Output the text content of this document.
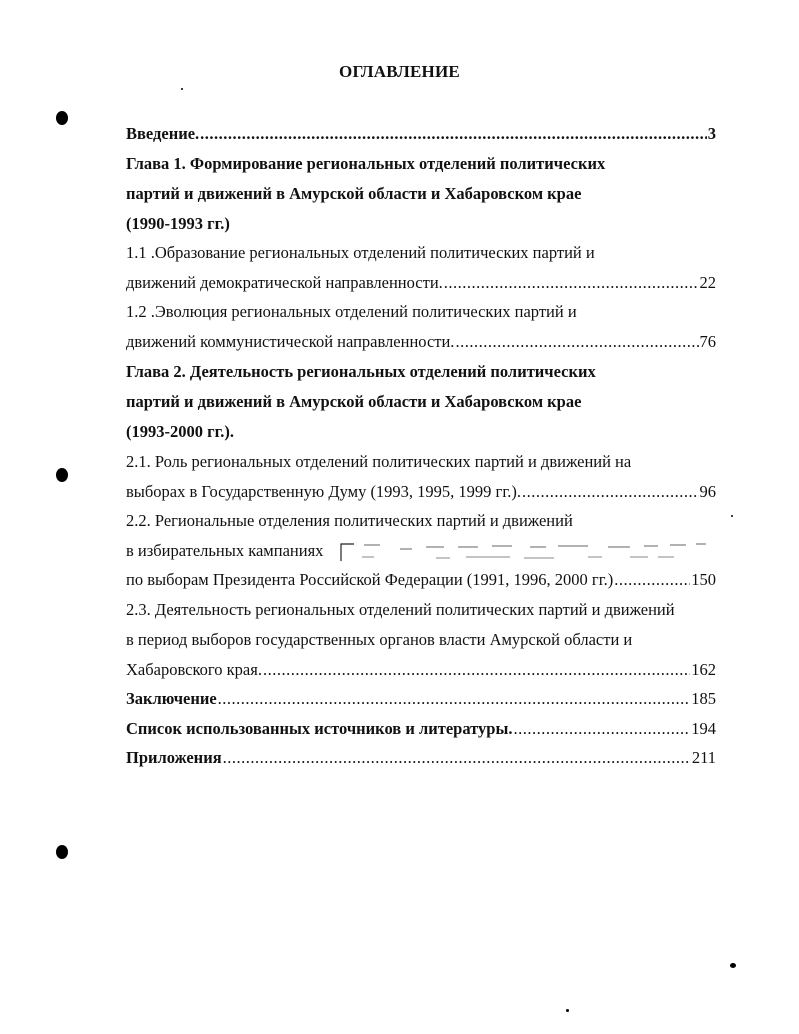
ОГЛАВЛЕНИЕ
Введение. .....	3
Глава 1. Формирование региональных отделений политических
партий и движений в Амурской области и Хабаровском крае
(1990-1993 гг.)
1.1 .Образование региональных отделений политических партий и
движений демократической направленности. .....	22
1.2 .Эволюция региональных отделений политических партий и
движений коммунистической направленности. .....	76
Глава 2. Деятельность региональных отделений политических
партий и движений в Амурской области и Хабаровском крае
(1993-2000 гг.).
2.1. Роль региональных отделений политических партий и движений на
выборах в Государственную Думу (1993, 1995, 1999 гг.). .....	96
2.2. Региональные отделения политических партий и движений
в избирательных кампаниях
по выборам Президента Российской Федерации (1991, 1996, 2000 гг.) .....	150
2.3. Деятельность региональных отделений политических партий и движений
в период выборов государственных органов власти Амурской области и
Хабаровского края. .....	162
Заключение .....	185
Список использованных источников и литературы. .....	194
Приложения .....	211
